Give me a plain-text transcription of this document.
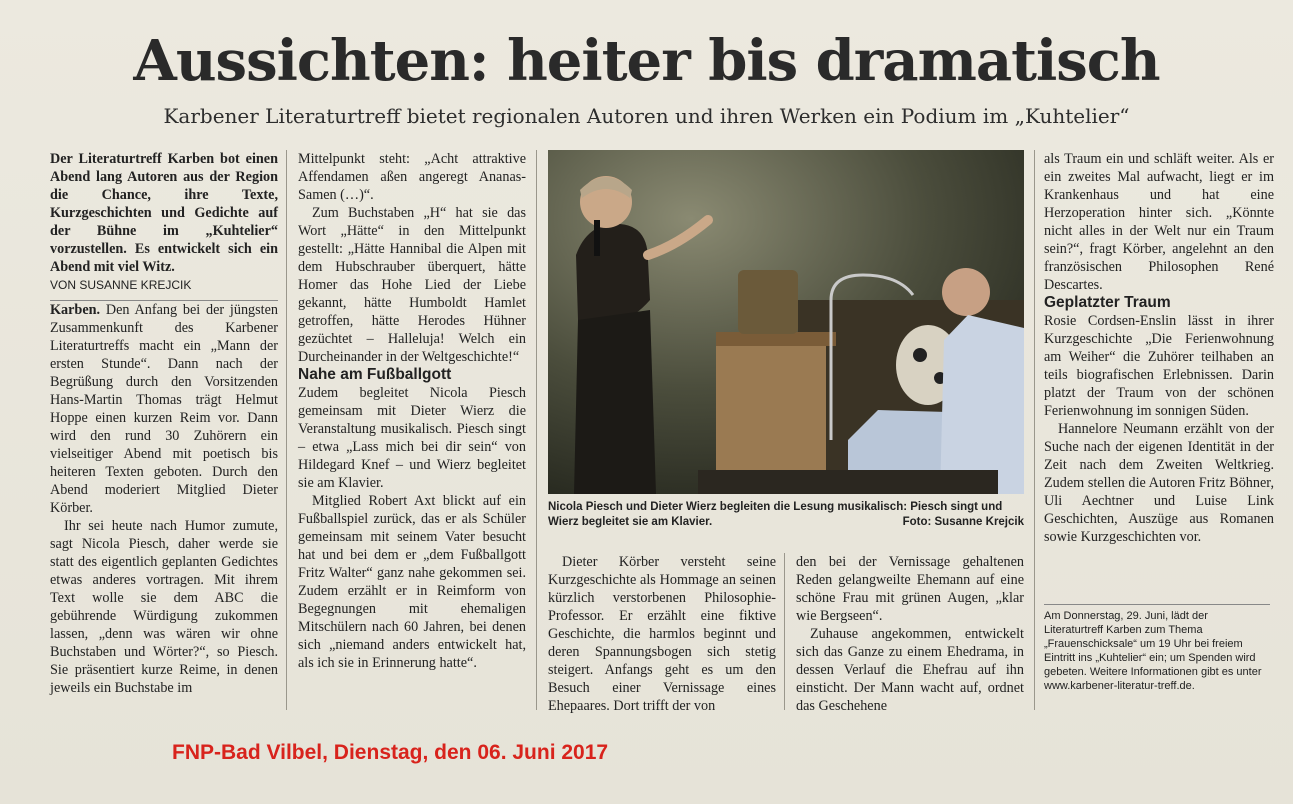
Aussichten: heiter bis dramatisch
Karbener Literaturtreff bietet regionalen Autoren und ihren Werken ein Podium im „Kuhtelier“

Der Literaturtreff Karben bot einen Abend lang Autoren aus der Region die Chance, ihre Texte, Kurzgeschichten und Gedichte auf der Bühne im „Kuhtelier“ vorzustellen. Es entwickelt sich ein Abend mit viel Witz.

VON SUSANNE KREJCIK

Karben. Den Anfang bei der jüngsten Zusammenkunft des Karbener Literaturtreffs macht ein „Mann der ersten Stunde“. Dann nach der Begrüßung durch den Vorsitzenden Hans-Martin Thomas trägt Helmut Hoppe einen kurzen Reim vor. Dann wird den rund 30 Zuhörern ein vielseitiger Abend mit poetisch bis heiteren Texten geboten. Durch den Abend moderiert Mitglied Dieter Körber.

Ihr sei heute nach Humor zumute, sagt Nicola Piesch, daher werde sie statt des eigentlich geplanten Gedichtes etwas anderes vortragen. Mit ihrem Text wolle sie dem ABC die gebührende Würdigung zukommen lassen, „denn was wären wir ohne Buchstaben und Wörter?“, so Piesch. Sie präsentiert kurze Reime, in denen jeweils ein Buchstabe im

Mittelpunkt steht: „Acht attraktive Affendamen aßen angeregt Ananas-Samen (…)“.

Zum Buchstaben „H“ hat sie das Wort „Hätte“ in den Mittelpunkt gestellt: „Hätte Hannibal die Alpen mit dem Hubschrauber überquert, hätte Homer das Hohe Lied der Liebe gekannt, hätte Humboldt Hamlet getroffen, hätte Herodes Hühner gezüchtet – Halleluja! Welch ein Durcheinander in der Weltgeschichte!“

Nahe am Fußballgott

Zudem begleitet Nicola Piesch gemeinsam mit Dieter Wierz die Veranstaltung musikalisch. Piesch singt – etwa „Lass mich bei dir sein“ von Hildegard Knef – und Wierz begleitet sie am Klavier.

Mitglied Robert Axt blickt auf ein Fußballspiel zurück, das er als Schüler gemeinsam mit seinem Vater besucht hat und bei dem er „dem Fußballgott Fritz Walter“ ganz nahe gekommen sei. Zudem erzählt er in Reimform von Begegnungen mit ehemaligen Mitschülern nach 60 Jahren, bei denen sich „niemand anders entwickelt hat, als ich sie in Erinnerung hatte“.

Nicola Piesch und Dieter Wierz begleiten die Lesung musikalisch: Piesch singt und Wierz begleitet sie am Klavier.	Foto: Susanne Krejcik

Dieter Körber versteht seine Kurzgeschichte als Hommage an seinen kürzlich verstorbenen Philosophie-Professor. Er erzählt eine fiktive Geschichte, die harmlos beginnt und deren Spannungsbogen sich stetig steigert. Anfangs geht es um den Besuch einer Vernissage eines Ehepaares. Dort trifft der von

den bei der Vernissage gehaltenen Reden gelangweilte Ehemann auf eine schöne Frau mit grünen Augen, „klar wie Bergseen“.

Zuhause angekommen, entwickelt sich das Ganze zu einem Ehedrama, in dessen Verlauf die Ehefrau auf ihn einsticht. Der Mann wacht auf, ordnet das Geschehene

als Traum ein und schläft weiter. Als er ein zweites Mal aufwacht, liegt er im Krankenhaus und hat eine Herzoperation hinter sich. „Könnte nicht alles in der Welt nur ein Traum sein?“, fragt Körber, angelehnt an den französischen Philosophen René Descartes.

Geplatzter Traum

Rosie Cordsen-Enslin lässt in ihrer Kurzgeschichte „Die Ferienwohnung am Weiher“ die Zuhörer teilhaben an teils biografischen Erlebnissen. Darin platzt der Traum von der schönen Ferienwohnung im sonnigen Süden.

Hannelore Neumann erzählt von der Suche nach der eigenen Identität in der Zeit nach dem Zweiten Weltkrieg. Zudem stellen die Autoren Fritz Böhner, Uli Aechtner und Luise Link Geschichten, Auszüge aus Romanen sowie Kurzgeschichten vor.

Am Donnerstag, 29. Juni, lädt der Literaturtreff Karben zum Thema „Frauenschicksale“ um 19 Uhr bei freiem Eintritt ins „Kuhtelier“ ein; um Spenden wird gebeten. Weitere Informationen gibt es unter www.karbener-literatur-treff.de.
FNP-Bad Vilbel, Dienstag, den 06. Juni 2017
